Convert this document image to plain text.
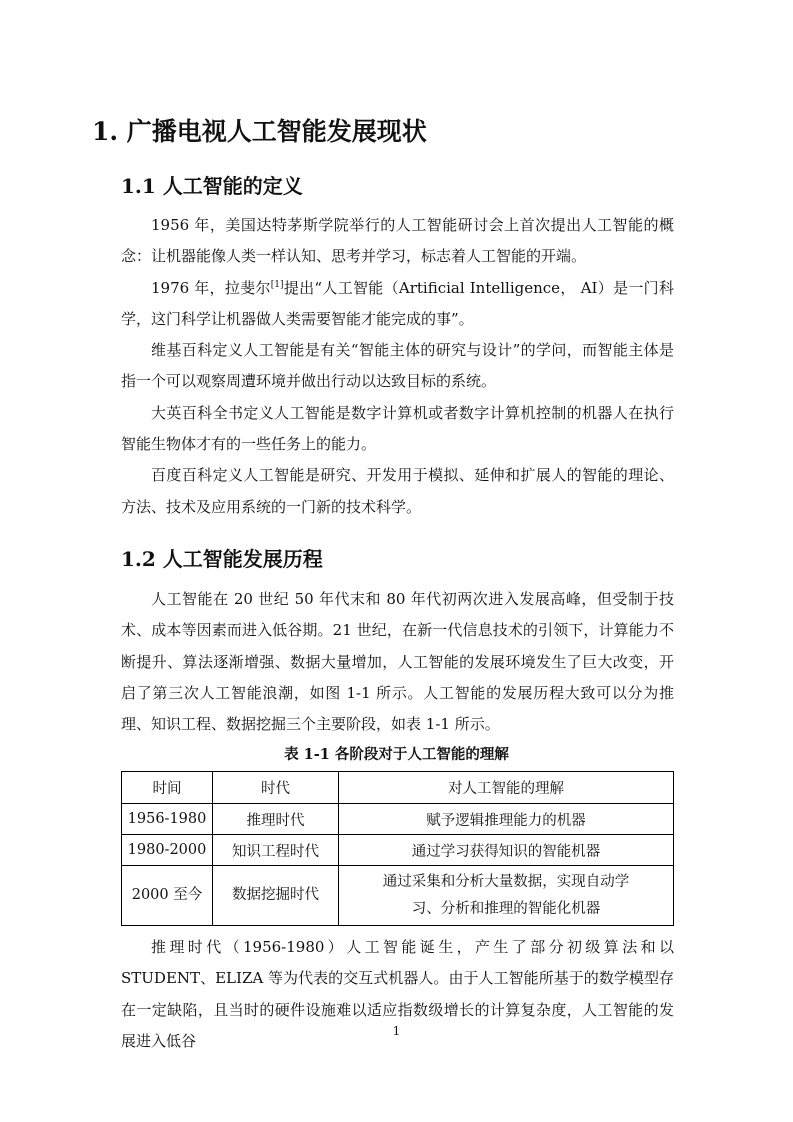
1. 广播电视人工智能发展现状
1.1 人工智能的定义

1956 年，美国达特茅斯学院举行的人工智能研讨会上首次提出人工智能的概念：让机器能像人类一样认知、思考并学习，标志着人工智能的开端。

1976 年，拉斐尔[1]提出“人工智能（Artificial Intelligence， AI）是一门科学，这门科学让机器做人类需要智能才能完成的事”。

维基百科定义人工智能是有关“智能主体的研究与设计”的学问，而智能主体是指一个可以观察周遭环境并做出行动以达致目标的系统。

大英百科全书定义人工智能是数字计算机或者数字计算机控制的机器人在执行智能生物体才有的一些任务上的能力。

百度百科定义人工智能是研究、开发用于模拟、延伸和扩展人的智能的理论、方法、技术及应用系统的一门新的技术科学。

1.2 人工智能发展历程

人工智能在 20 世纪 50 年代末和 80 年代初两次进入发展高峰，但受制于技术、成本等因素而进入低谷期。21 世纪，在新一代信息技术的引领下，计算能力不断提升、算法逐渐增强、数据大量增加，人工智能的发展环境发生了巨大改变，开启了第三次人工智能浪潮，如图 1-1 所示。人工智能的发展历程大致可以分为推理、知识工程、数据挖掘三个主要阶段，如表 1-1 所示。

表 1-1 各阶段对于人工智能的理解
时间	时代	对人工智能的理解
1956-1980	推理时代	赋予逻辑推理能力的机器
1980-2000	知识工程时代	通过学习获得知识的智能机器
2000 至今	数据挖掘时代	通过采集和分析大量数据，实现自动学习、分析和推理的智能化机器

推理时代（1956-1980）人工智能诞生，产生了部分初级算法和以 STUDENT、ELIZA 等为代表的交互式机器人。由于人工智能所基于的数学模型存在一定缺陷，且当时的硬件设施难以适应指数级增长的计算复杂度，人工智能的发展进入低谷

1
